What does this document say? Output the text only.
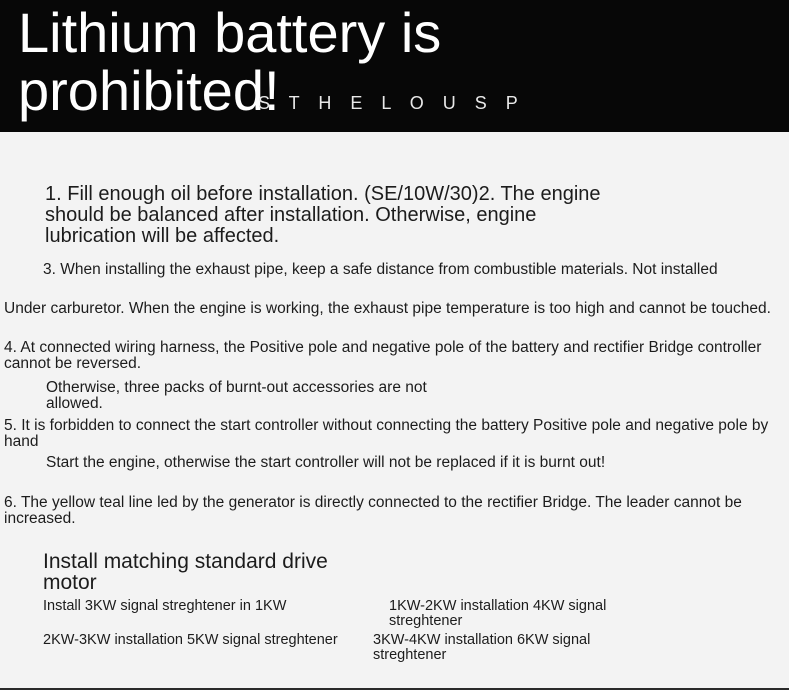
Lithium battery is prohibited!
S T H E L O U S P

1. Fill enough oil before installation. (SE/10W/30)2. The engine should be balanced after installation. Otherwise, engine lubrication will be affected.

3. When installing the exhaust pipe, keep a safe distance from combustible materials. Not installed

Under carburetor. When the engine is working, the exhaust pipe temperature is too high and cannot be touched.

4. At connected wiring harness, the Positive pole and negative pole of the battery and rectifier Bridge controller cannot be reversed.

Otherwise, three packs of burnt-out accessories are not allowed.

5. It is forbidden to connect the start controller without connecting the battery Positive pole and negative pole by hand

Start the engine, otherwise the start controller will not be replaced if it is burnt out!

6. The yellow teal line led by the generator is directly connected to the rectifier Bridge. The leader cannot be increased.

Install matching standard drive motor

Install 3KW signal streghtener in 1KW	1KW-2KW installation 4KW signal streghtener

2KW-3KW installation 5KW signal streghtener	3KW-4KW installation 6KW signal streghtener
